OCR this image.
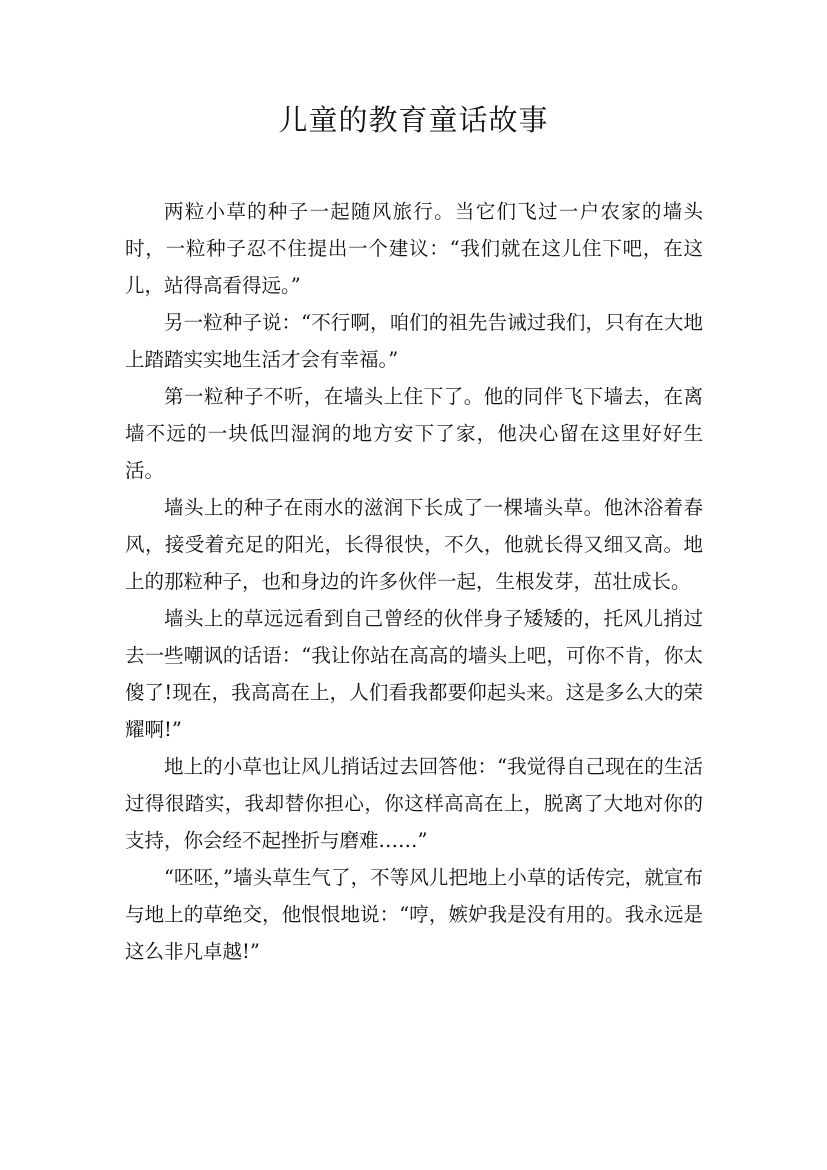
儿童的教育童话故事

两粒小草的种子一起随风旅行。当它们飞过一户农家的墙头时，一粒种子忍不住提出一个建议：“我们就在这儿住下吧，在这儿，站得高看得远。”

另一粒种子说：“不行啊，咱们的祖先告诫过我们，只有在大地上踏踏实实地生活才会有幸福。”

第一粒种子不听，在墙头上住下了。他的同伴飞下墙去，在离墙不远的一块低凹湿润的地方安下了家，他决心留在这里好好生活。

墙头上的种子在雨水的滋润下长成了一棵墙头草。他沐浴着春风，接受着充足的阳光，长得很快，不久，他就长得又细又高。地上的那粒种子，也和身边的许多伙伴一起，生根发芽，茁壮成长。

墙头上的草远远看到自己曾经的伙伴身子矮矮的，托风儿捎过去一些嘲讽的话语：“我让你站在高高的墙头上吧，可你不肯，你太傻了!现在，我高高在上，人们看我都要仰起头来。这是多么大的荣耀啊!”

地上的小草也让风儿捎话过去回答他：“我觉得自己现在的生活过得很踏实，我却替你担心，你这样高高在上，脱离了大地对你的支持，你会经不起挫折与磨难……”

“呸呸，”墙头草生气了，不等风儿把地上小草的话传完，就宣布与地上的草绝交，他恨恨地说：“哼，嫉妒我是没有用的。我永远是这么非凡卓越!”
